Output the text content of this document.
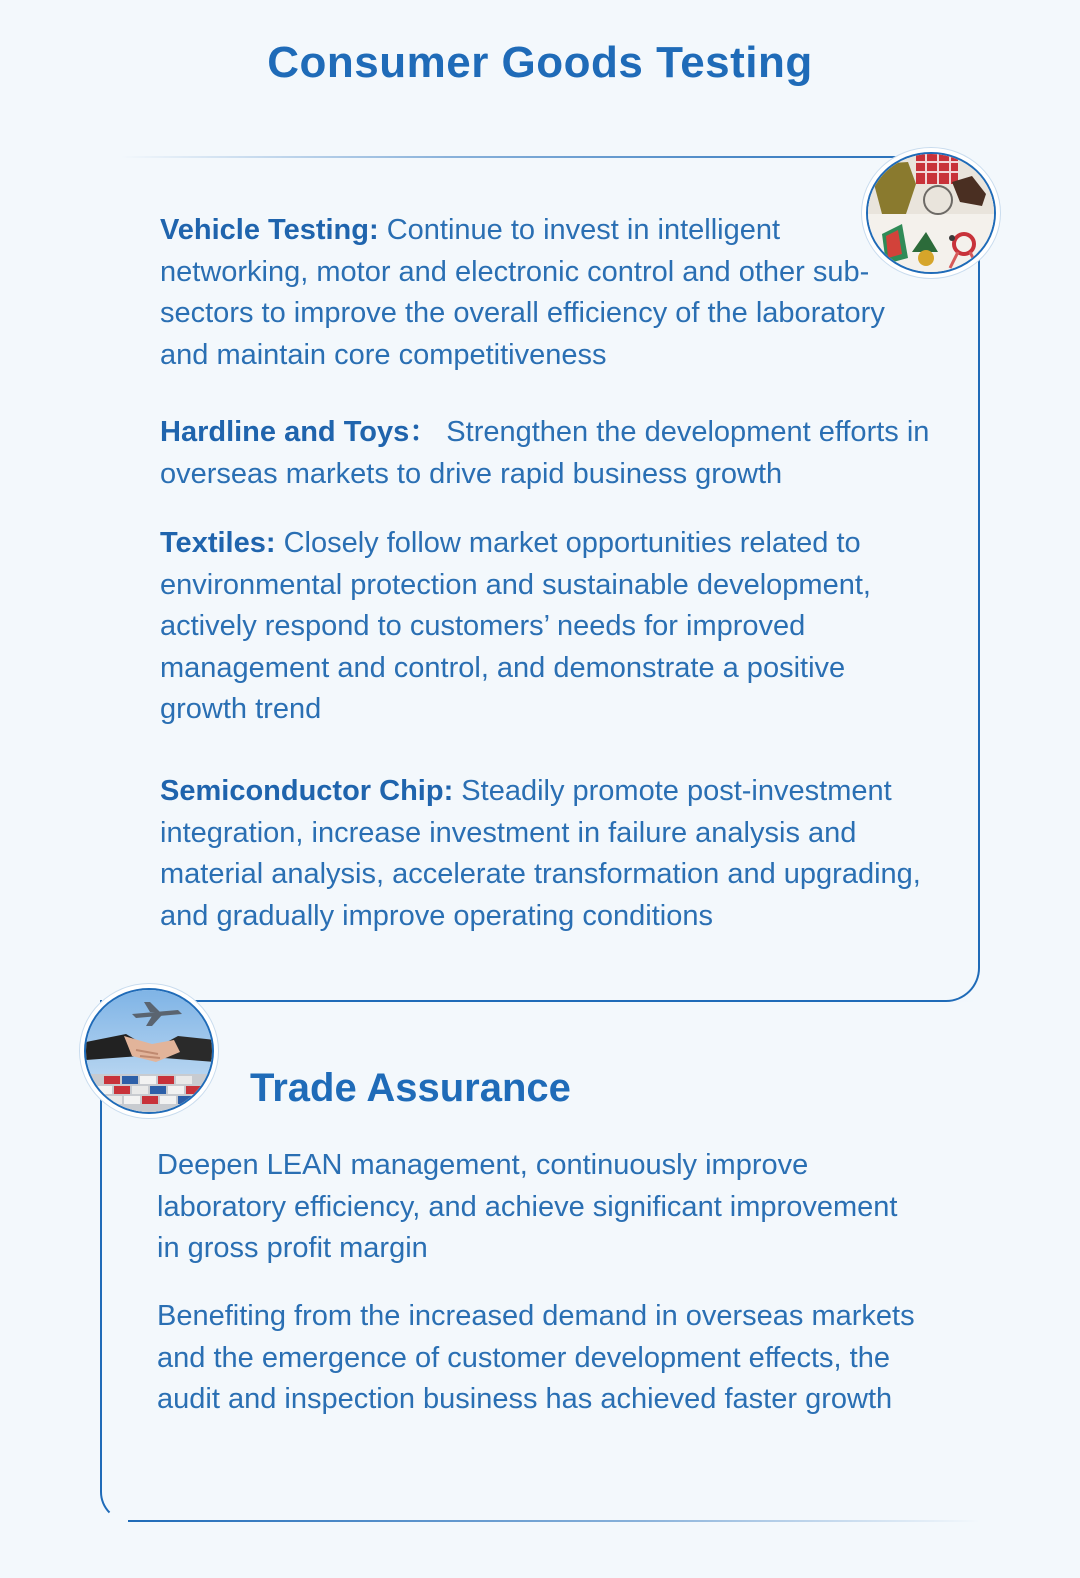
Consumer Goods Testing
Vehicle Testing: Continue to invest in intelligent networking, motor and electronic control and other sub-sectors to improve the overall efficiency of the laboratory and maintain core competitiveness
Hardline and Toys： Strengthen the development efforts in overseas markets to drive rapid business growth
Textiles: Closely follow market opportunities related to environmental protection and sustainable development, actively respond to customers’ needs for improved management and control, and demonstrate a positive growth trend
Semiconductor Chip: Steadily promote post-investment integration, increase investment in failure analysis and material analysis, accelerate transformation and upgrading, and gradually improve operating conditions
Trade Assurance
Deepen LEAN management, continuously improve laboratory efficiency, and achieve significant improvement in gross profit margin
Benefiting from the increased demand in overseas markets and the emergence of customer development effects, the audit and inspection business has achieved faster growth
